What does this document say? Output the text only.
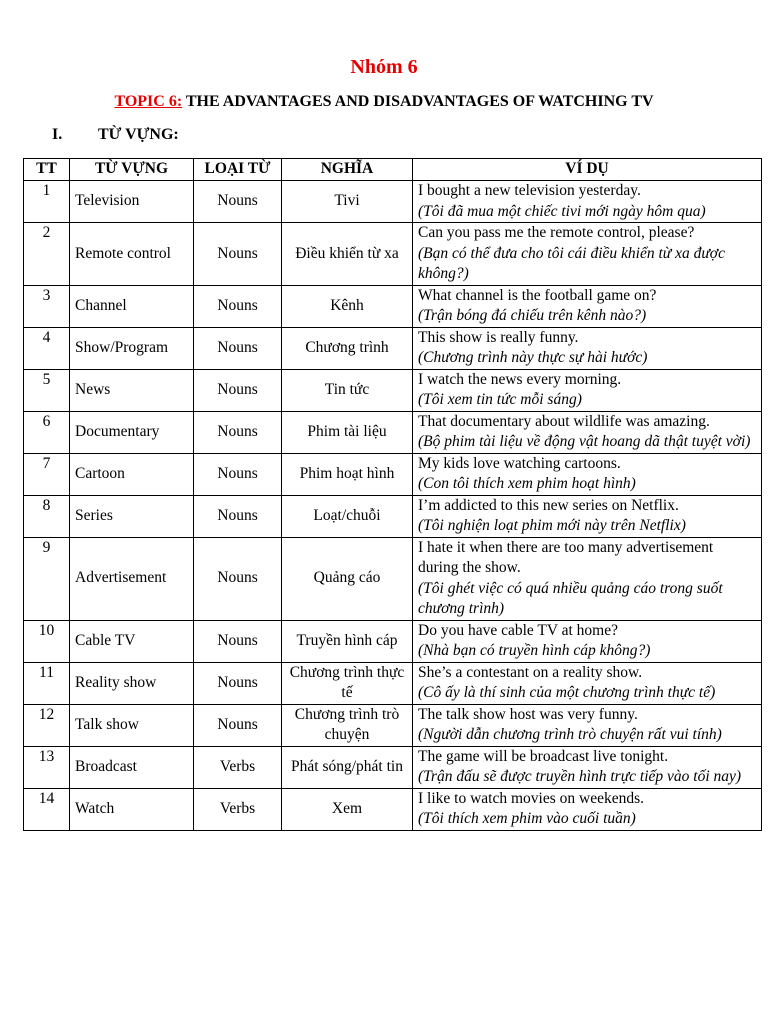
Nhóm 6
TOPIC 6: THE ADVANTAGES AND DISADVANTAGES OF WATCHING TV
I. TỪ VỰNG:
TT	TỪ VỰNG	LOẠI TỪ	NGHĨA	VÍ DỤ
1	Television	Nouns	Tivi	I bought a new television yesterday.
(Tôi đã mua một chiếc tivi mới ngày hôm qua)

2	Remote control	Nouns	Điều khiển từ xa	Can you pass me the remote control, please?
(Bạn có thể đưa cho tôi cái điều khiển từ xa được không?)

3	Channel	Nouns	Kênh	What channel is the football game on?
(Trận bóng đá chiếu trên kênh nào?)

4	Show/Program	Nouns	Chương trình	This show is really funny.
(Chương trình này thực sự hài hước)

5	News	Nouns	Tin tức	I watch the news every morning.
(Tôi xem tin tức mỗi sáng)

6	Documentary	Nouns	Phim tài liệu	That documentary about wildlife was amazing.
(Bộ phim tài liệu về động vật hoang dã thật tuyệt vời)

7	Cartoon	Nouns	Phim hoạt hình	My kids love watching cartoons.
(Con tôi thích xem phim hoạt hình)

8	Series	Nouns	Loạt/chuỗi	I’m addicted to this new series on Netflix.
(Tôi nghiện loạt phim mới này trên Netflix)

9	Advertisement	Nouns	Quảng cáo	I hate it when there are too many advertisement during the show.
(Tôi ghét việc có quá nhiều quảng cáo trong suốt chương trình)

10	Cable TV	Nouns	Truyền hình cáp	Do you have cable TV at home?
(Nhà bạn có truyền hình cáp không?)

11	Reality show	Nouns	Chương trình thực tế	She’s a contestant on a reality show.
(Cô ấy là thí sinh của một chương trình thực tế)

12	Talk show	Nouns	Chương trình trò chuyện	The talk show host was very funny.
(Người dẫn chương trình trò chuyện rất vui tính)

13	Broadcast	Verbs	Phát sóng/phát tin	The game will be broadcast live tonight.
(Trận đấu sẽ được truyền hình trực tiếp vào tối nay)

14	Watch	Verbs	Xem	I like to watch movies on weekends.
(Tôi thích xem phim vào cuối tuần)
